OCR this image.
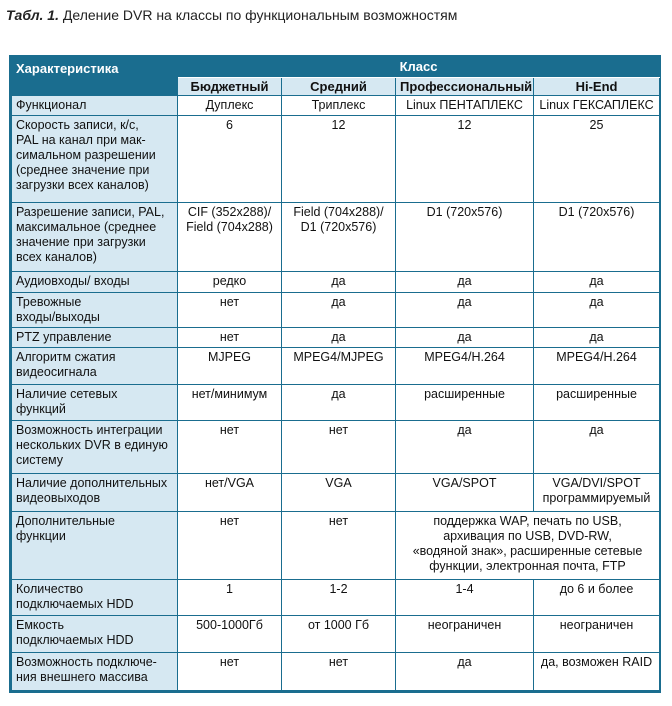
Табл. 1. Деление DVR на классы по функциональным возможностям
Характеристика	Класс			
	Бюджетный	Средний	Профессиональный	Hi-End

Функционал	Дуплекс	Триплекс	Linux ПЕНТАПЛЕКС	Linux ГЕКСАПЛЕКС

Скорость записи, к/с,
PAL на канал при мак-
симальном разрешении
(среднее значение при
загрузки всех каналов)	6	12	12	25

Разрешение записи, PAL,
максимальное (среднее
значение при загрузки
всех каналов)	CIF (352x288)/
Field (704x288)	Field (704x288)/
D1 (720x576)	D1 (720x576)	D1 (720x576)

Аудиовходы/ входы	редко	да	да	да

Тревожные
входы/выходы	нет	да	да	да

PTZ управление	нет	да	да	да

Алгоритм сжатия
видеосигнала	MJPEG	MPEG4/MJPEG	MPEG4/H.264	MPEG4/H.264

Наличие сетевых
функций	нет/минимум	да	расширенные	расширенные

Возможность интеграции
нескольких DVR в единую
систему	нет	нет	да	да

Наличие дополнительных
видеовыходов	нет/VGA	VGA	VGA/SPOT	VGA/DVI/SPOT
программируемый

Дополнительные
функции	нет	нет	поддержка WAP, печать по USB,
архивация по USB, DVD-RW,
«водяной знак», расширенные сетевые
функции, электронная почта, FTP	

Количество
подключаемых HDD	1	1-2	1-4	до 6 и более

Емкость
подключаемых HDD	500-1000Гб	от 1000 Гб	неограничен	неограничен

Возможность подключе-
ния внешнего массива	нет	нет	да	да, возможен RAID
